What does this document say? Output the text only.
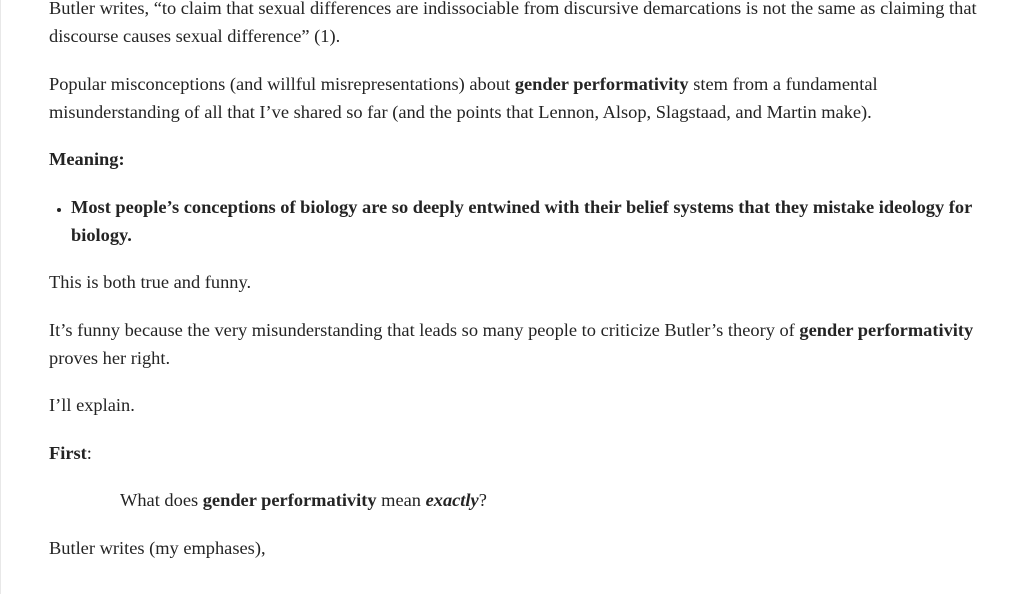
Butler writes, “to claim that sexual differences are indissociable from discursive demarcations is not the same as claiming that discourse causes sexual difference” (1).

Popular misconceptions (and willful misrepresentations) about gender performativity stem from a fundamental misunderstanding of all that I’ve shared so far (and the points that Lennon, Alsop, Slagstaad, and Martin make).

Meaning:

• Most people’s conceptions of biology are so deeply entwined with their belief systems that they mistake ideology for biology.

This is both true and funny.

It’s funny because the very misunderstanding that leads so many people to criticize Butler’s theory of gender performativity proves her right.

I’ll explain.

First:

What does gender performativity mean exactly?

Butler writes (my emphases),
